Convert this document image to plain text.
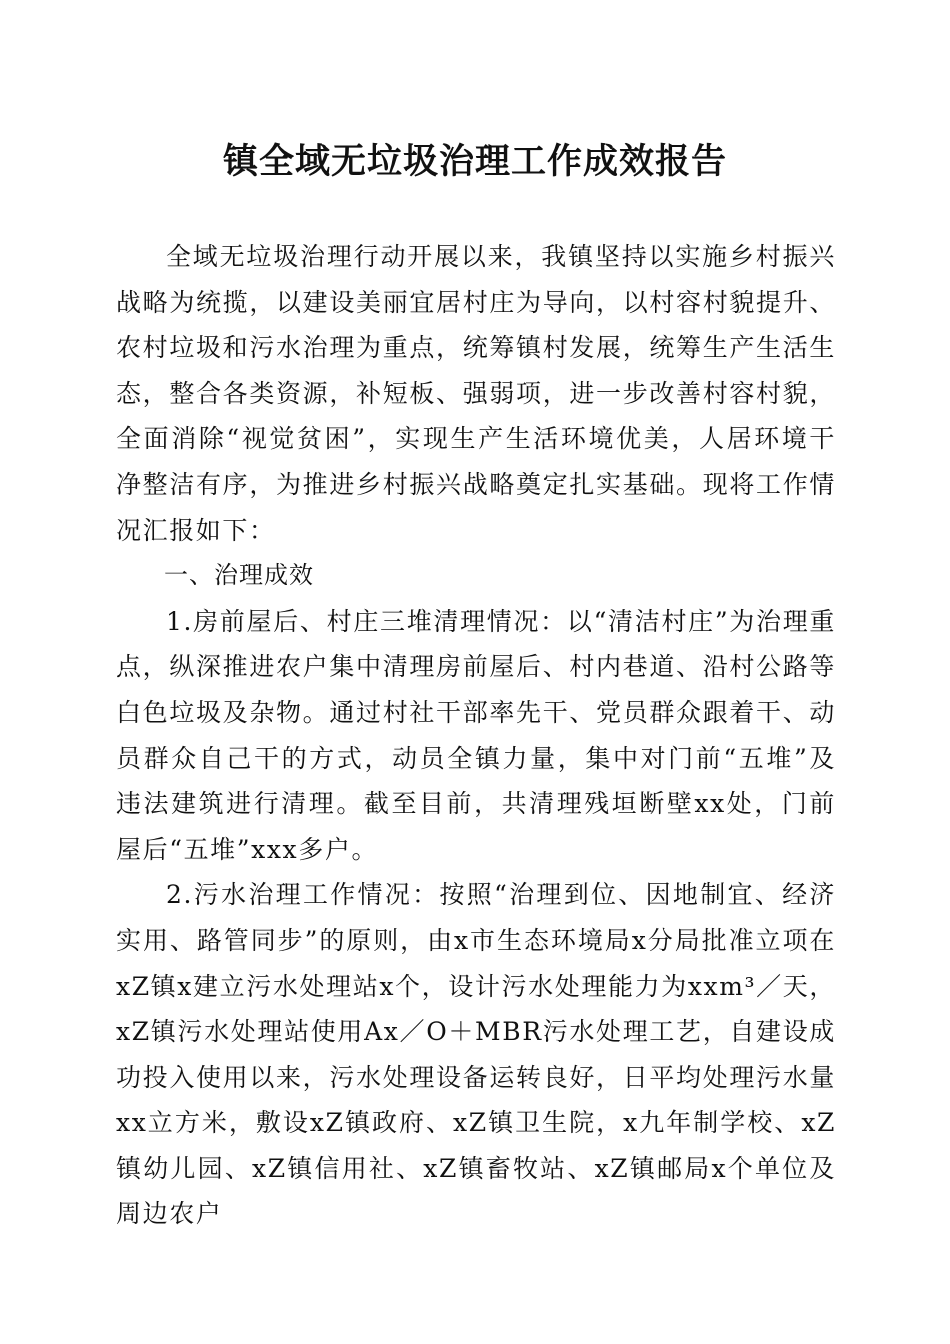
镇全域无垃圾治理工作成效报告

全域无垃圾治理行动开展以来，我镇坚持以实施乡村振兴战略为统揽，以建设美丽宜居村庄为导向，以村容村貌提升、农村垃圾和污水治理为重点，统筹镇村发展，统筹生产生活生态，整合各类资源，补短板、强弱项，进一步改善村容村貌，全面消除“视觉贫困”，实现生产生活环境优美，人居环境干净整洁有序，为推进乡村振兴战略奠定扎实基础。现将工作情况汇报如下：

一、治理成效

1.房前屋后、村庄三堆清理情况：以“清洁村庄”为治理重点，纵深推进农户集中清理房前屋后、村内巷道、沿村公路等白色垃圾及杂物。通过村社干部率先干、党员群众跟着干、动员群众自己干的方式，动员全镇力量，集中对门前“五堆”及违法建筑进行清理。截至目前，共清理残垣断壁xx处，门前屋后“五堆”xxx多户。

2.污水治理工作情况：按照“治理到位、因地制宜、经济实用、路管同步”的原则，由x市生态环境局x分局批准立项在xZ镇x建立污水处理站x个，设计污水处理能力为xxm³／天，xZ镇污水处理站使用Ax／O＋MBR污水处理工艺，自建设成功投入使用以来，污水处理设备运转良好，日平均处理污水量xx立方米，敷设xZ镇政府、xZ镇卫生院，x九年制学校、xZ镇幼儿园、xZ镇信用社、xZ镇畜牧站、xZ镇邮局x个单位及周边农户
